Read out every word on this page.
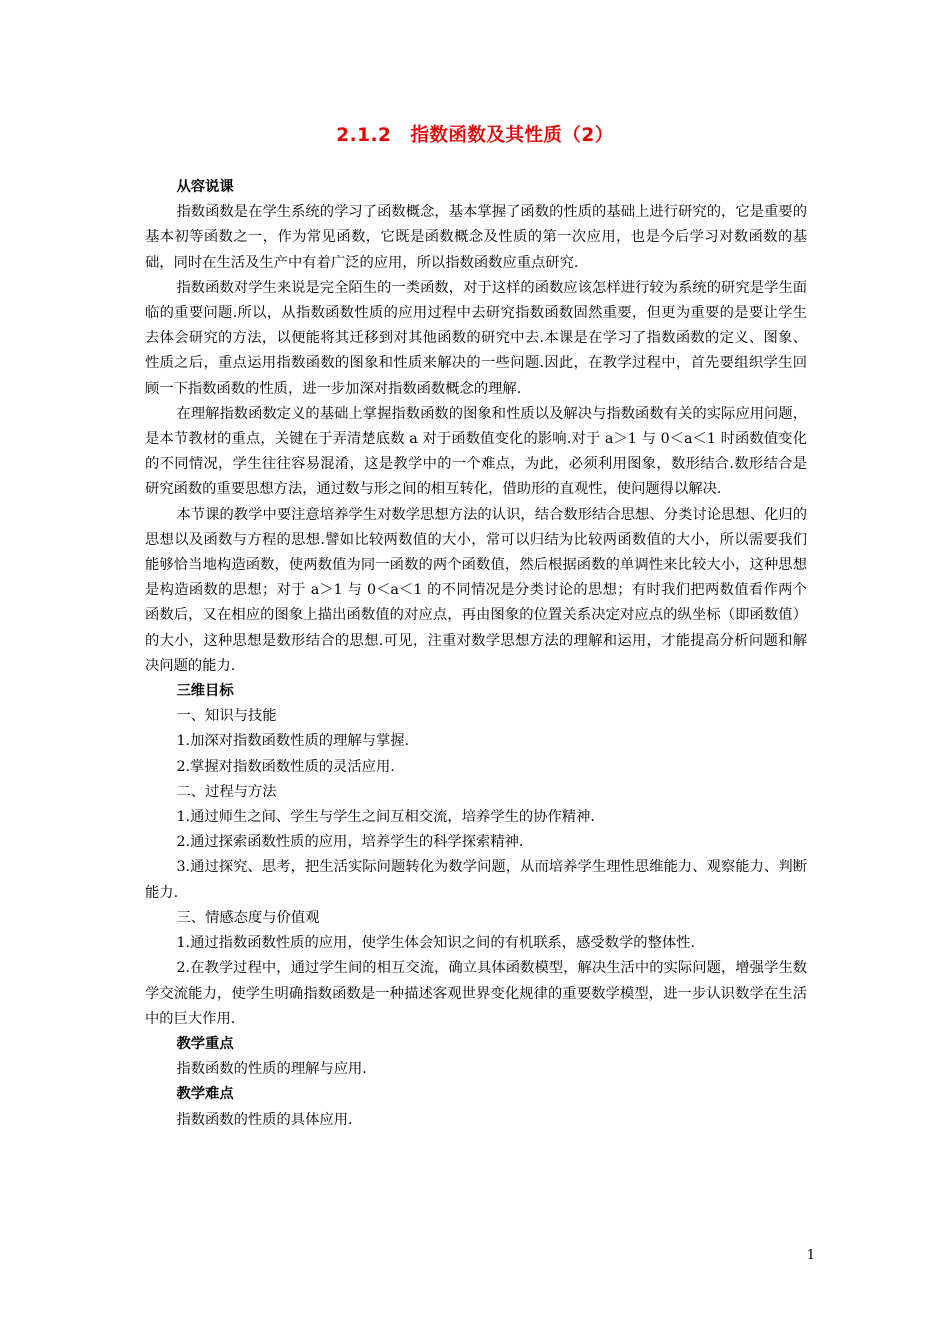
2.1.2　指数函数及其性质（2）

从容说课

指数函数是在学生系统的学习了函数概念，基本掌握了函数的性质的基础上进行研究的，它是重要的基本初等函数之一，作为常见函数，它既是函数概念及性质的第一次应用，也是今后学习对数函数的基础，同时在生活及生产中有着广泛的应用，所以指数函数应重点研究.

指数函数对学生来说是完全陌生的一类函数，对于这样的函数应该怎样进行较为系统的研究是学生面临的重要问题.所以，从指数函数性质的应用过程中去研究指数函数固然重要，但更为重要的是要让学生去体会研究的方法，以便能将其迁移到对其他函数的研究中去.本课是在学习了指数函数的定义、图象、性质之后，重点运用指数函数的图象和性质来解决的一些问题.因此，在教学过程中，首先要组织学生回顾一下指数函数的性质，进一步加深对指数函数概念的理解.

在理解指数函数定义的基础上掌握指数函数的图象和性质以及解决与指数函数有关的实际应用问题，是本节教材的重点，关键在于弄清楚底数 a 对于函数值变化的影响.对于 a＞1 与 0＜a＜1 时函数值变化的不同情况，学生往往容易混淆，这是教学中的一个难点，为此，必须利用图象，数形结合.数形结合是研究函数的重要思想方法，通过数与形之间的相互转化，借助形的直观性，使问题得以解决.

本节课的教学中要注意培养学生对数学思想方法的认识，结合数形结合思想、分类讨论思想、化归的思想以及函数与方程的思想.譬如比较两数值的大小，常可以归结为比较两函数值的大小，所以需要我们能够恰当地构造函数，使两数值为同一函数的两个函数值，然后根据函数的单调性来比较大小，这种思想是构造函数的思想；对于 a＞1 与 0＜a＜1 的不同情况是分类讨论的思想；有时我们把两数值看作两个函数后，又在相应的图象上描出函数值的对应点，再由图象的位置关系决定对应点的纵坐标（即函数值）的大小，这种思想是数形结合的思想.可见，注重对数学思想方法的理解和运用，才能提高分析问题和解决问题的能力.

三维目标

一、知识与技能

1.加深对指数函数性质的理解与掌握.

2.掌握对指数函数性质的灵活应用.

二、过程与方法

1.通过师生之间、学生与学生之间互相交流，培养学生的协作精神.

2.通过探索函数性质的应用，培养学生的科学探索精神.

3.通过探究、思考，把生活实际问题转化为数学问题，从而培养学生理性思维能力、观察能力、判断能力.

三、情感态度与价值观

1.通过指数函数性质的应用，使学生体会知识之间的有机联系，感受数学的整体性.

2.在教学过程中，通过学生间的相互交流，确立具体函数模型，解决生活中的实际问题，增强学生数学交流能力，使学生明确指数函数是一种描述客观世界变化规律的重要数学模型，进一步认识数学在生活中的巨大作用.

教学重点

指数函数的性质的理解与应用.

教学难点

指数函数的性质的具体应用.

1
